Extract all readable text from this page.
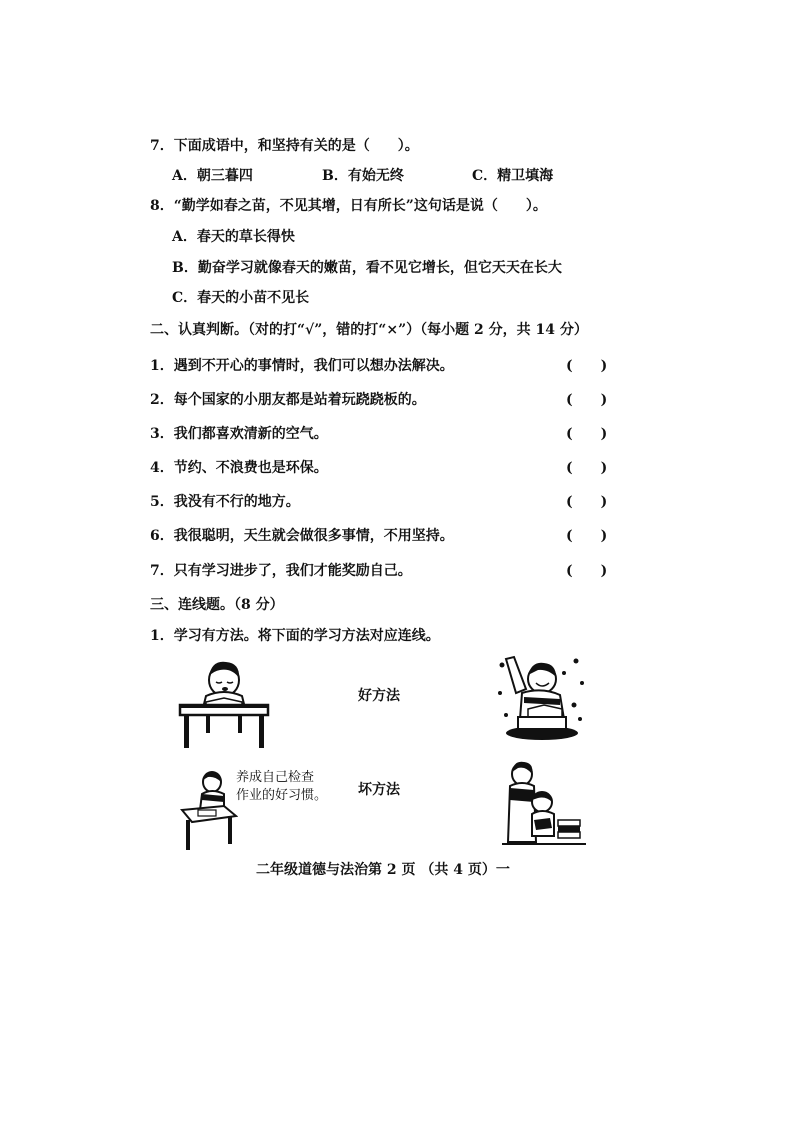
7．下面成语中，和坚持有关的是（　　）。
A．朝三暮四	B．有始无终	C．精卫填海
8．“勤学如春之苗，不见其增，日有所长”这句话是说（　　）。
A．春天的草长得快
B．勤奋学习就像春天的嫩苗，看不见它增长，但它天天在长大
C．春天的小苗不见长
二、认真判断。（对的打“√”，错的打“×”）（每小题 2 分，共 14 分）
1．遇到不开心的事情时，我们可以想办法解决。	(　　)
2．每个国家的小朋友都是站着玩跷跷板的。	(　　)
3．我们都喜欢清新的空气。	(　　)
4．节约、不浪费也是环保。	(　　)
5．我没有不行的地方。	(　　)
6．我很聪明，天生就会做很多事情，不用坚持。	(　　)
7．只有学习进步了，我们才能奖励自己。	(　　)
三、连线题。（8 分）
1．学习有方法。将下面的学习方法对应连线。
好方法
坏方法
养成自己检查
作业的好习惯。
二年级道德与法治第 2 页 （共 4 页）一
